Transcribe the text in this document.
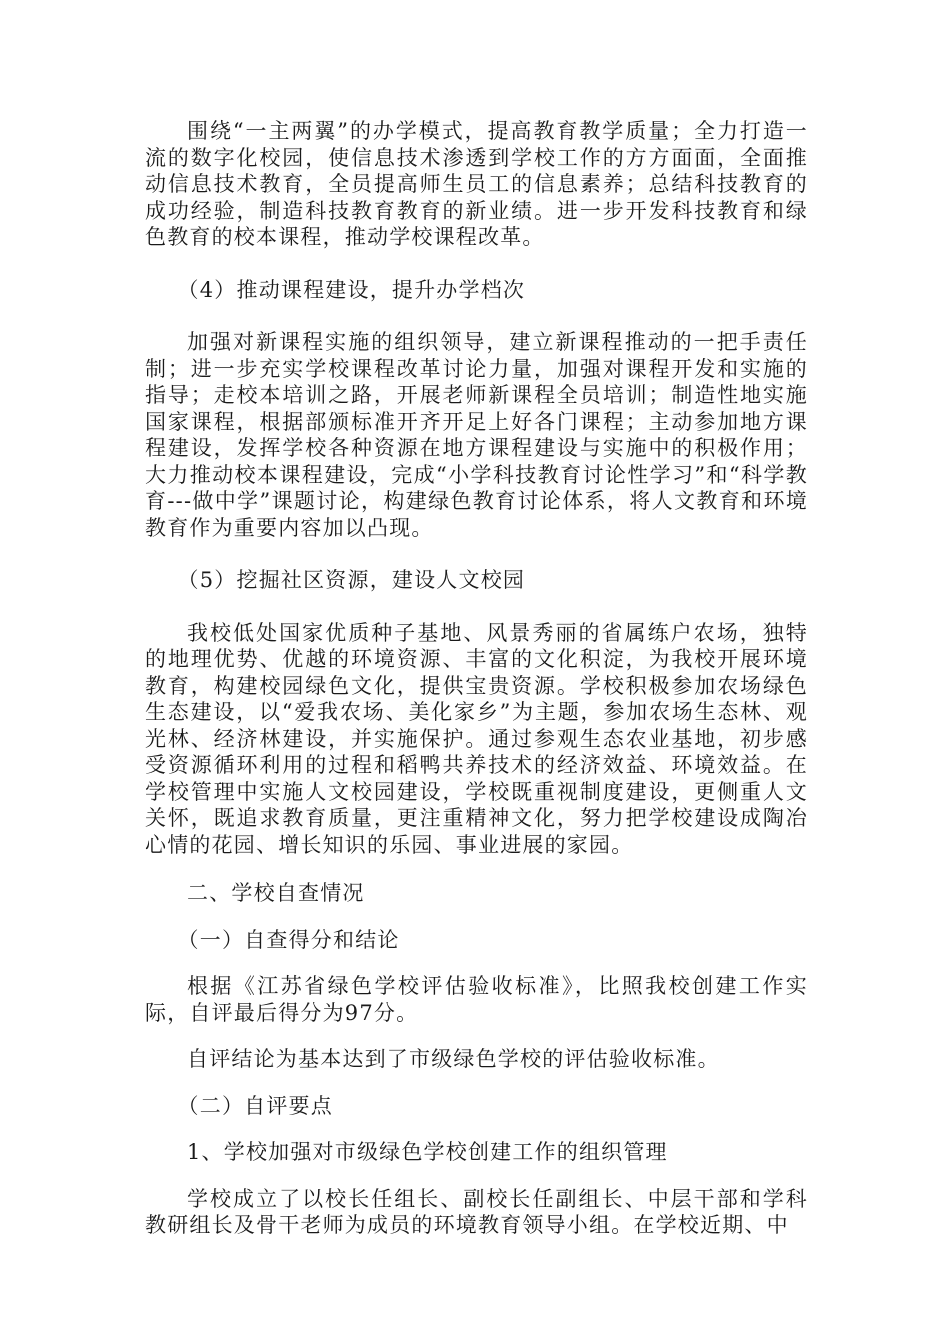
围绕“一主两翼”的办学模式，提高教育教学质量；全力打造一流的数字化校园，使信息技术渗透到学校工作的方方面面，全面推动信息技术教育，全员提高师生员工的信息素养；总结科技教育的成功经验，制造科技教育教育的新业绩。进一步开发科技教育和绿色教育的校本课程，推动学校课程改革。

（4）推动课程建设，提升办学档次

加强对新课程实施的组织领导，建立新课程推动的一把手责任制；进一步充实学校课程改革讨论力量，加强对课程开发和实施的指导；走校本培训之路，开展老师新课程全员培训；制造性地实施国家课程，根据部颁标准开齐开足上好各门课程；主动参加地方课程建设，发挥学校各种资源在地方课程建设与实施中的积极作用；大力推动校本课程建设，完成“小学科技教育讨论性学习”和“科学教育---做中学”课题讨论，构建绿色教育讨论体系，将人文教育和环境教育作为重要内容加以凸现。

（5）挖掘社区资源，建设人文校园

我校低处国家优质种子基地、风景秀丽的省属练户农场，独特的地理优势、优越的环境资源、丰富的文化积淀，为我校开展环境教育，构建校园绿色文化，提供宝贵资源。学校积极参加农场绿色生态建设，以“爱我农场、美化家乡”为主题，参加农场生态林、观光林、经济林建设，并实施保护。通过参观生态农业基地，初步感受资源循环利用的过程和稻鸭共养技术的经济效益、环境效益。在学校管理中实施人文校园建设，学校既重视制度建设，更侧重人文关怀，既追求教育质量，更注重精神文化，努力把学校建设成陶冶心情的花园、增长知识的乐园、事业进展的家园。

二、学校自查情况

（一）自查得分和结论

根据《江苏省绿色学校评估验收标准》，比照我校创建工作实际，自评最后得分为97分。

自评结论为基本达到了市级绿色学校的评估验收标准。

（二）自评要点

1、学校加强对市级绿色学校创建工作的组织管理

学校成立了以校长任组长、副校长任副组长、中层干部和学科教研组长及骨干老师为成员的环境教育领导小组。在学校近期、中
